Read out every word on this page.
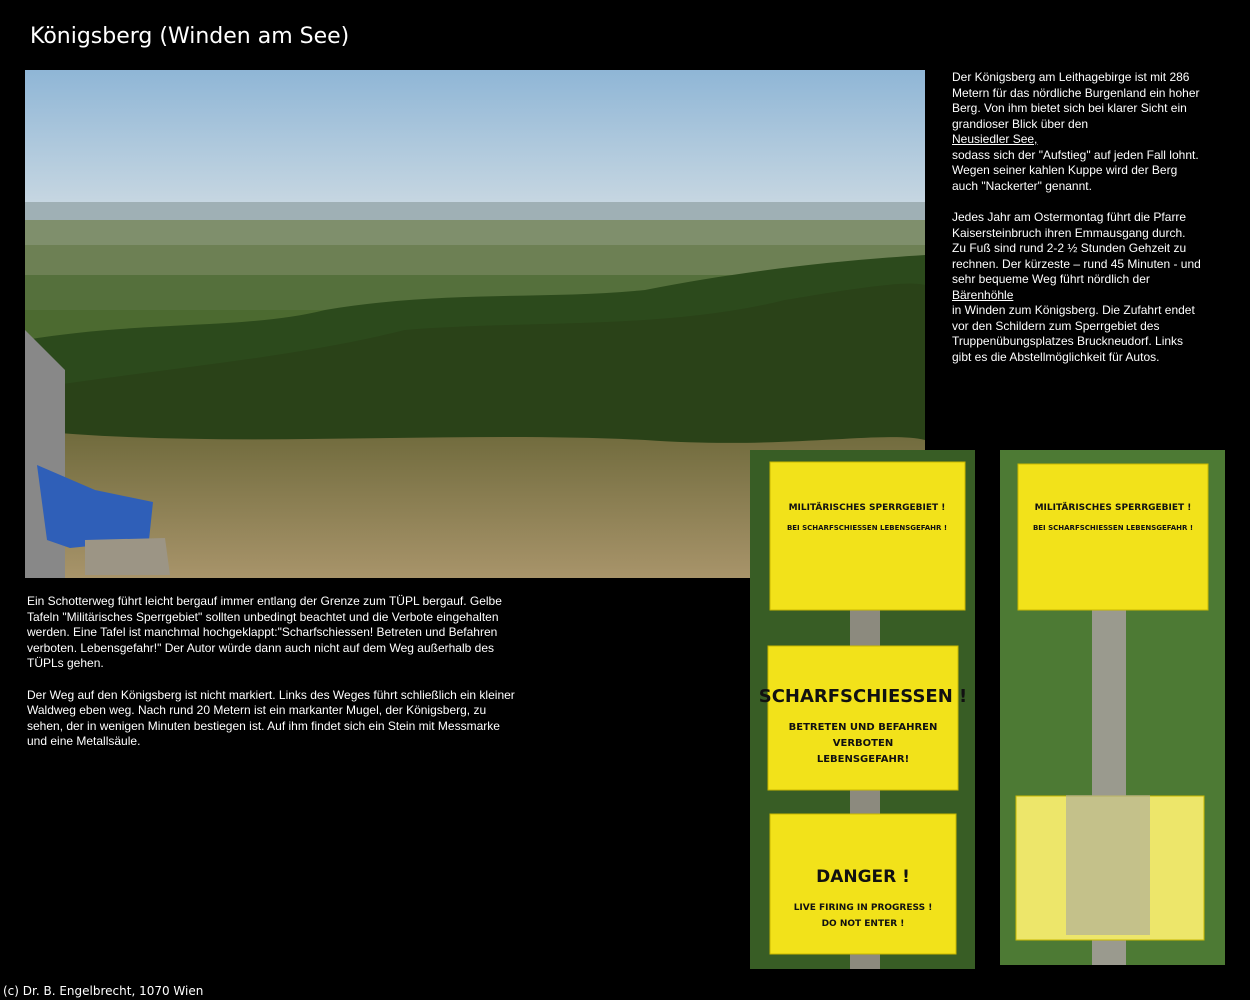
Königsberg (Winden am See)

Der Königsberg am Leithagebirge ist mit 286 Metern für das nördliche Burgenland ein hoher Berg. Von ihm bietet sich bei klarer Sicht ein grandioser Blick über den
Neusiedler See,
sodass sich der "Aufstieg" auf jeden Fall lohnt. Wegen seiner kahlen Kuppe wird der Berg auch "Nackerter" genannt.

Jedes Jahr am Ostermontag führt die Pfarre Kaisersteinbruch ihren Emmausgang durch. Zu Fuß sind rund 2-2 ½ Stunden Gehzeit zu rechnen. Der kürzeste – rund 45 Minuten - und sehr bequeme Weg führt nördlich der
Bärenhöhle
in Winden zum Königsberg. Die Zufahrt endet vor den Schildern zum Sperrgebiet des Truppenübungsplatzes Bruckneudorf. Links gibt es die Abstellmöglichkeit für Autos.

Ein Schotterweg führt leicht bergauf immer entlang der Grenze zum TÜPL bergauf. Gelbe Tafeln "Militärisches Sperrgebiet" sollten unbedingt beachtet und die Verbote eingehalten werden. Eine Tafel ist manchmal hochgeklappt:"Scharfschiessen! Betreten und Befahren verboten. Lebensgefahr!" Der Autor würde dann auch nicht auf dem Weg außerhalb des TÜPLs gehen.

Der Weg auf den Königsberg ist nicht markiert. Links des Weges führt schließlich ein kleiner Waldweg eben weg. Nach rund 20 Metern ist ein markanter Mugel, der Königsberg, zu sehen, der in wenigen Minuten bestiegen ist. Auf ihm findet sich ein Stein mit Messmarke und eine Metallsäule.

MILITÄRISCHES SPERRGEBIET !
BEI SCHARFSCHIESSEN LEBENSGEFAHR !
SCHARFSCHIESSEN !
BETRETEN UND BEFAHREN
VERBOTEN
LEBENSGEFAHR!
DANGER !
LIVE FIRING IN PROGRESS !
DO NOT ENTER !
MILITÄRISCHES SPERRGEBIET !
BEI SCHARFSCHIESSEN LEBENSGEFAHR !
(c) Dr. B. Engelbrecht, 1070 Wien
